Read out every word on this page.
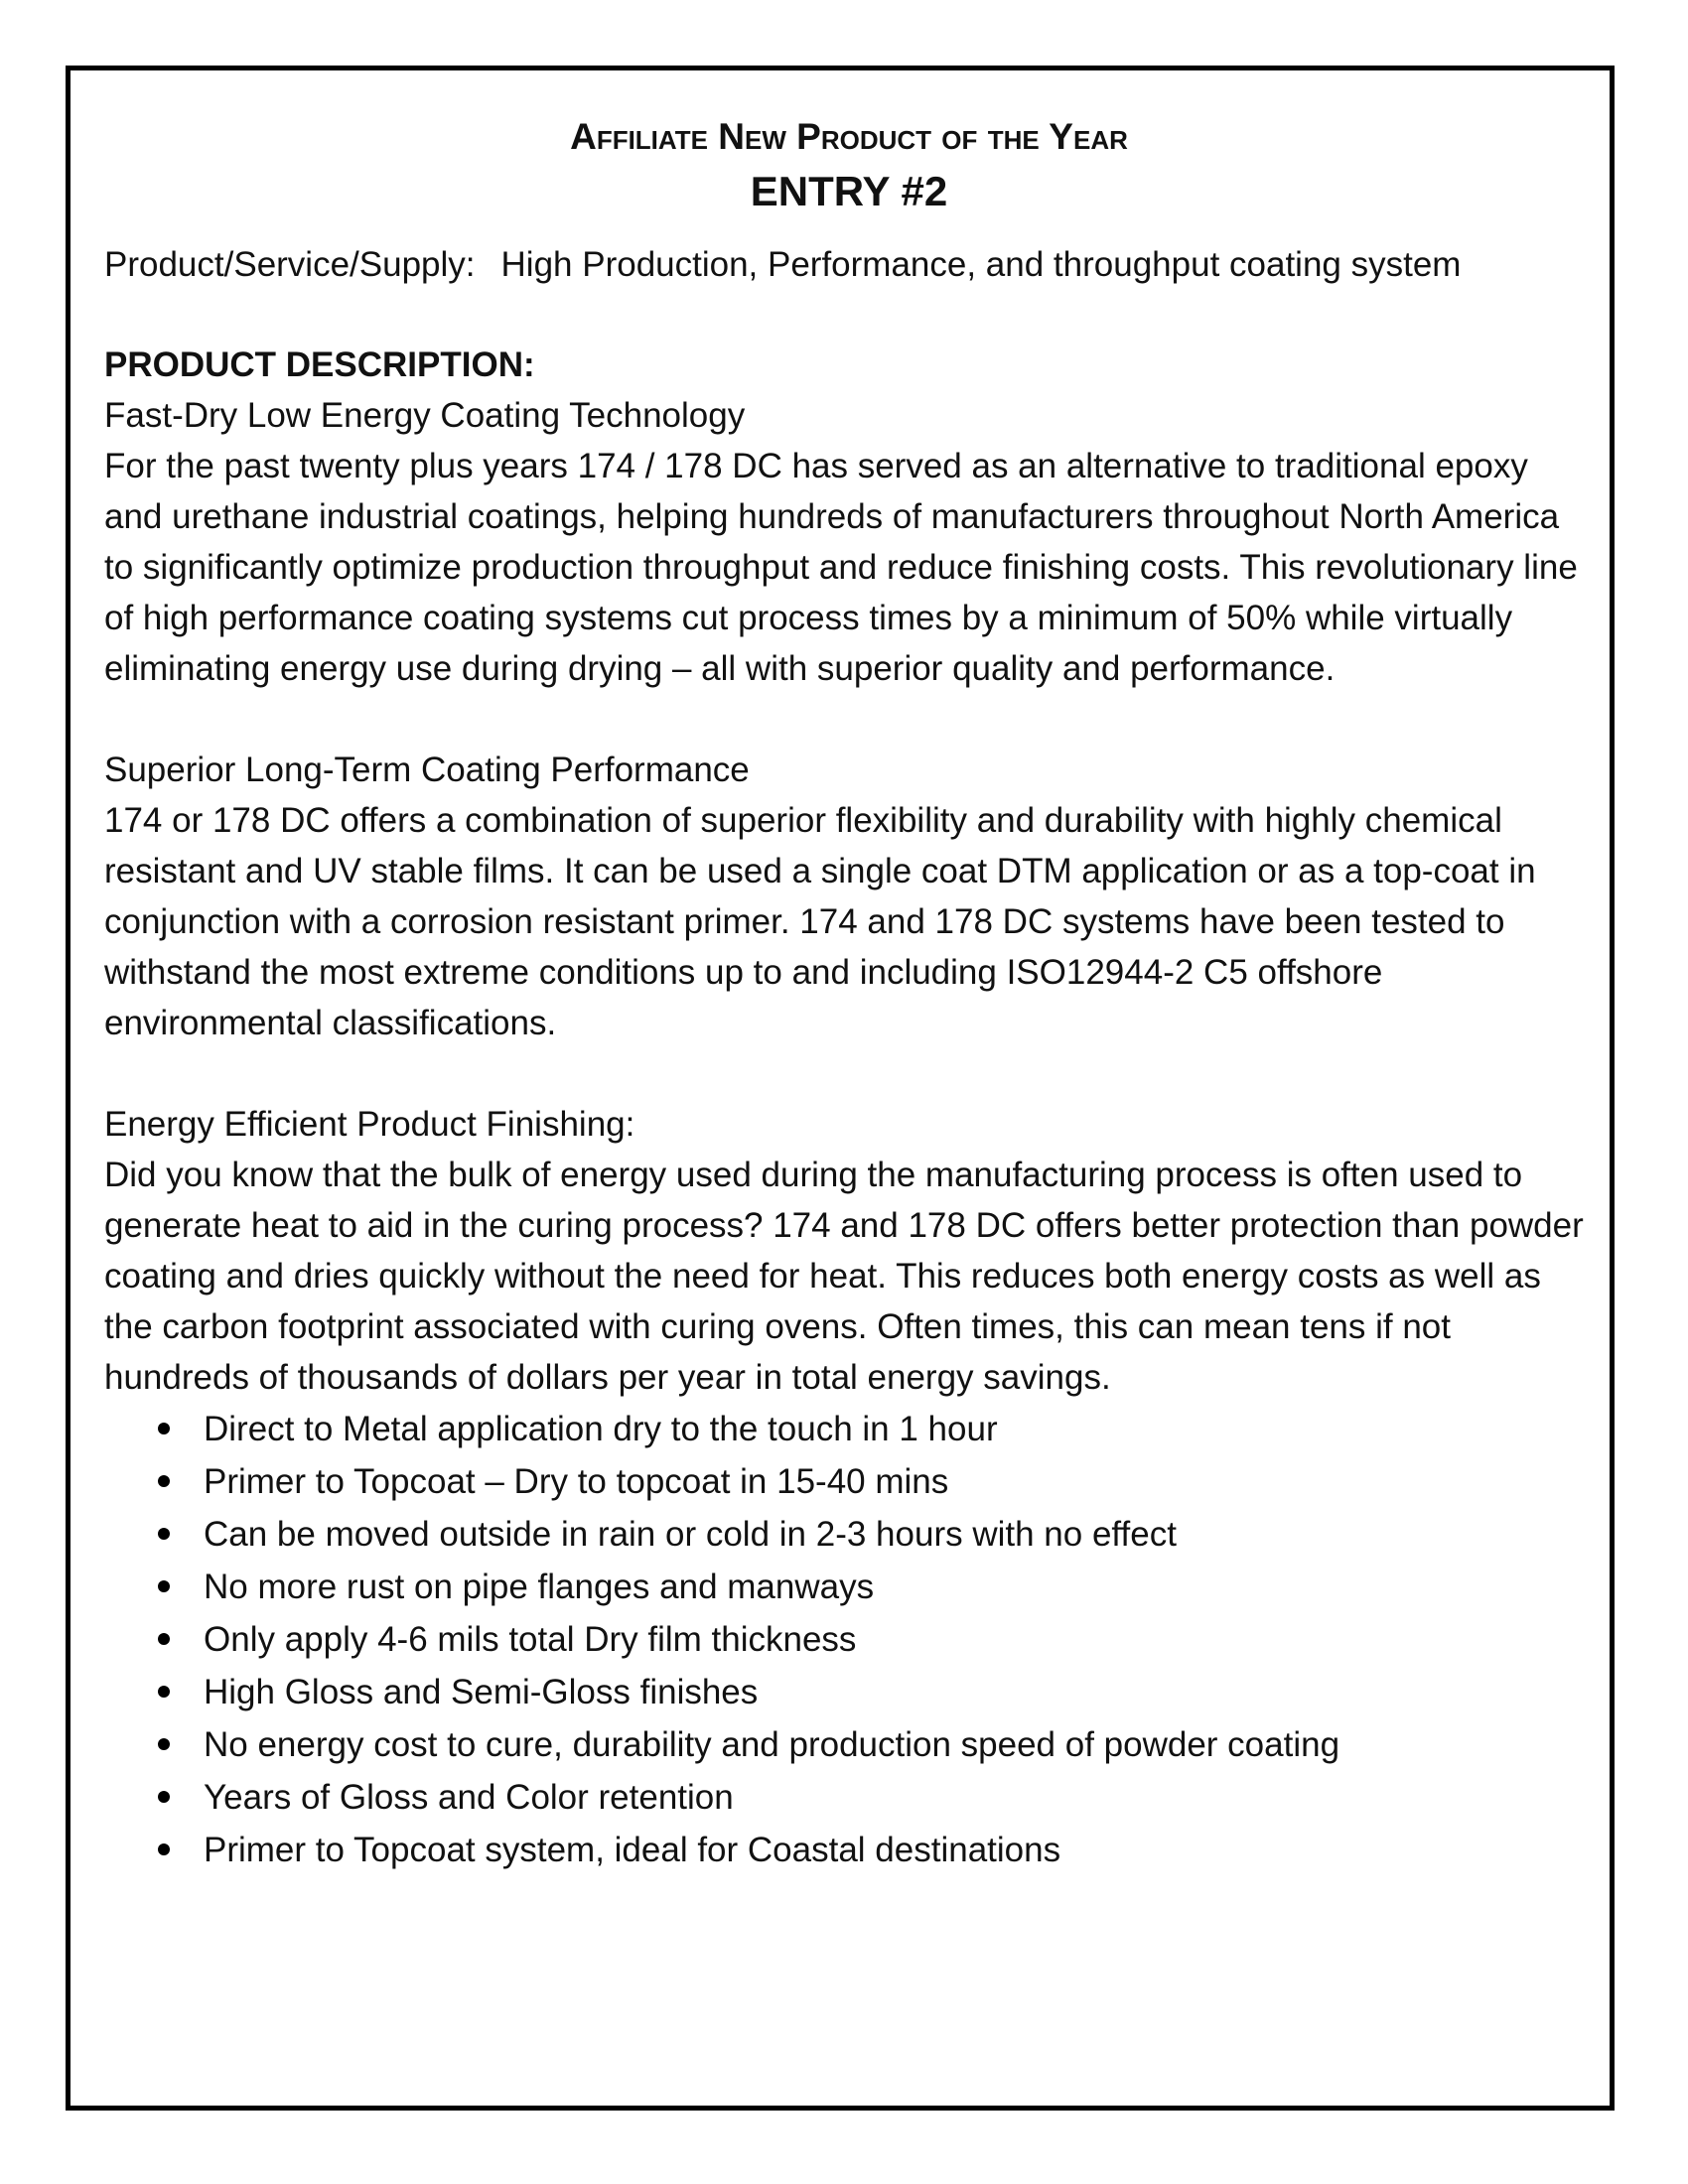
Affiliate New Product of the Year
ENTRY #2
Product/Service/Supply: High Production, Performance, and throughput coating system
PRODUCT DESCRIPTION:
Fast-Dry Low Energy Coating Technology
For the past twenty plus years 174 / 178 DC has served as an alternative to traditional epoxy and urethane industrial coatings, helping hundreds of manufacturers throughout North America to significantly optimize production throughput and reduce finishing costs. This revolutionary line of high performance coating systems cut process times by a minimum of 50% while virtually eliminating energy use during drying – all with superior quality and performance.
Superior Long-Term Coating Performance
174 or 178 DC offers a combination of superior flexibility and durability with highly chemical resistant and UV stable films. It can be used a single coat DTM application or as a top-coat in conjunction with a corrosion resistant primer. 174 and 178 DC systems have been tested to withstand the most extreme conditions up to and including ISO12944-2 C5 offshore environmental classifications.
Energy Efficient Product Finishing:
Did you know that the bulk of energy used during the manufacturing process is often used to generate heat to aid in the curing process? 174 and 178 DC offers better protection than powder coating and dries quickly without the need for heat. This reduces both energy costs as well as the carbon footprint associated with curing ovens. Often times, this can mean tens if not hundreds of thousands of dollars per year in total energy savings.
Direct to Metal application dry to the touch in 1 hour
Primer to Topcoat – Dry to topcoat in 15-40 mins
Can be moved outside in rain or cold in 2-3 hours with no effect
No more rust on pipe flanges and manways
Only apply 4-6 mils total Dry film thickness
High Gloss and Semi-Gloss finishes
No energy cost to cure, durability and production speed of powder coating
Years of Gloss and Color retention
Primer to Topcoat system, ideal for Coastal destinations
